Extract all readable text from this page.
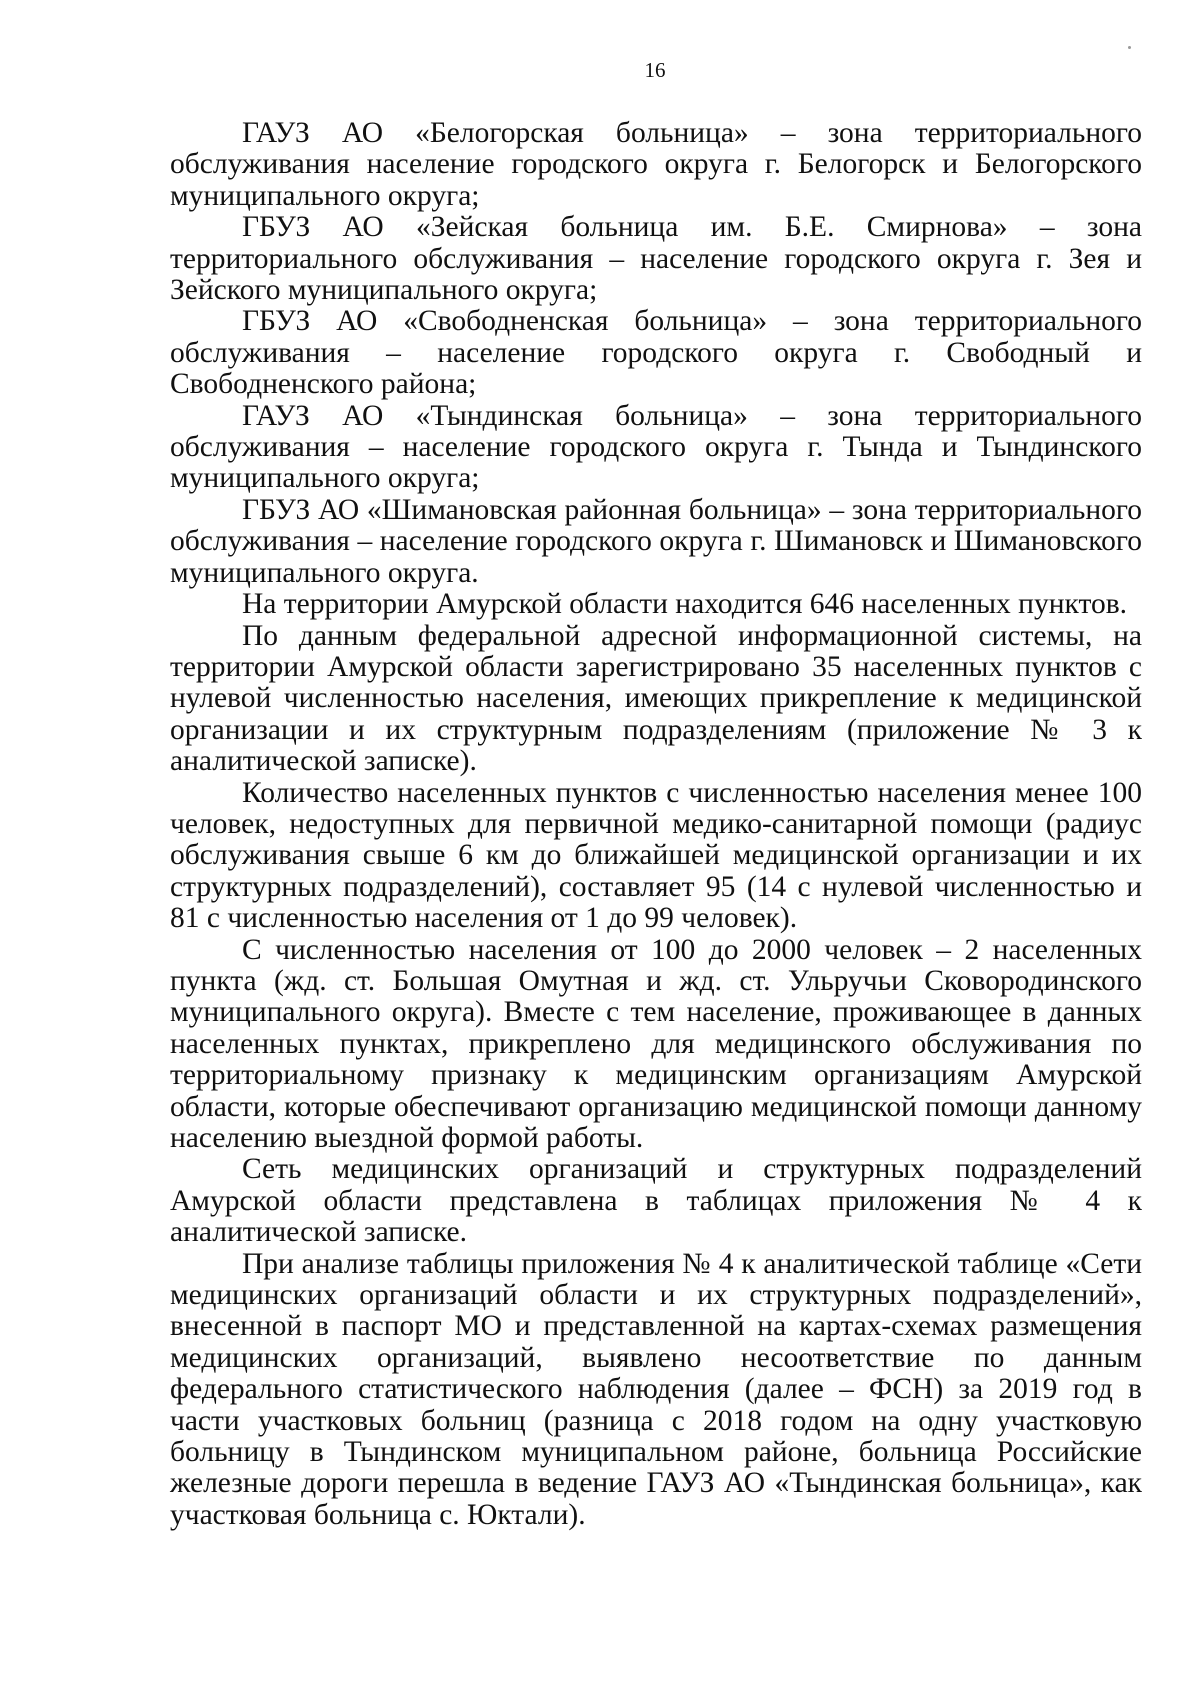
16

ГАУЗ АО «Белогорская больница» – зона территориального обслуживания население городского округа г. Белогорск и Белогорского муниципального округа;

ГБУЗ АО «Зейская больница им. Б.Е. Смирнова» – зона территориального обслуживания – население городского округа г. Зея и Зейского муниципального округа;

ГБУЗ АО «Свободненская больница» – зона территориального обслуживания – население городского округа г. Свободный и Свободненского района;

ГАУЗ АО «Тындинская больница» – зона территориального обслуживания – население городского округа г. Тында и Тындинского муниципального округа;

ГБУЗ АО «Шимановская районная больница» – зона территориального обслуживания – население городского округа г. Шимановск и Шимановского муниципального округа.

На территории Амурской области находится 646 населенных пунктов.

По данным федеральной адресной информационной системы, на территории Амурской области зарегистрировано 35 населенных пунктов с нулевой численностью населения, имеющих прикрепление к медицинской организации и их структурным подразделениям (приложение № 3 к аналитической записке).

Количество населенных пунктов с численностью населения менее 100 человек, недоступных для первичной медико-санитарной помощи (радиус обслуживания свыше 6 км до ближайшей медицинской организации и их структурных подразделений), составляет 95 (14 с нулевой численностью и 81 с численностью населения от 1 до 99 человек).

С численностью населения от 100 до 2000 человек – 2 населенных пункта (жд. ст. Большая Омутная и жд. ст. Ульручьи Сковородинского муниципального округа). Вместе с тем население, проживающее в данных населенных пунктах, прикреплено для медицинского обслуживания по территориальному признаку к медицинским организациям Амурской области, которые обеспечивают организацию медицинской помощи данному населению выездной формой работы.

Сеть медицинских организаций и структурных подразделений Амурской области представлена в таблицах приложения № 4 к аналитической записке.

При анализе таблицы приложения № 4 к аналитической таблице «Сети медицинских организаций области и их структурных подразделений», внесенной в паспорт МО и представленной на картах-схемах размещения медицинских организаций, выявлено несоответствие по данным федерального статистического наблюдения (далее – ФСН) за 2019 год в части участковых больниц (разница с 2018 годом на одну участковую больницу в Тындинском муниципальном районе, больница Российские железные дороги перешла в ведение ГАУЗ АО «Тындинская больница», как участковая больница с. Юктали).
